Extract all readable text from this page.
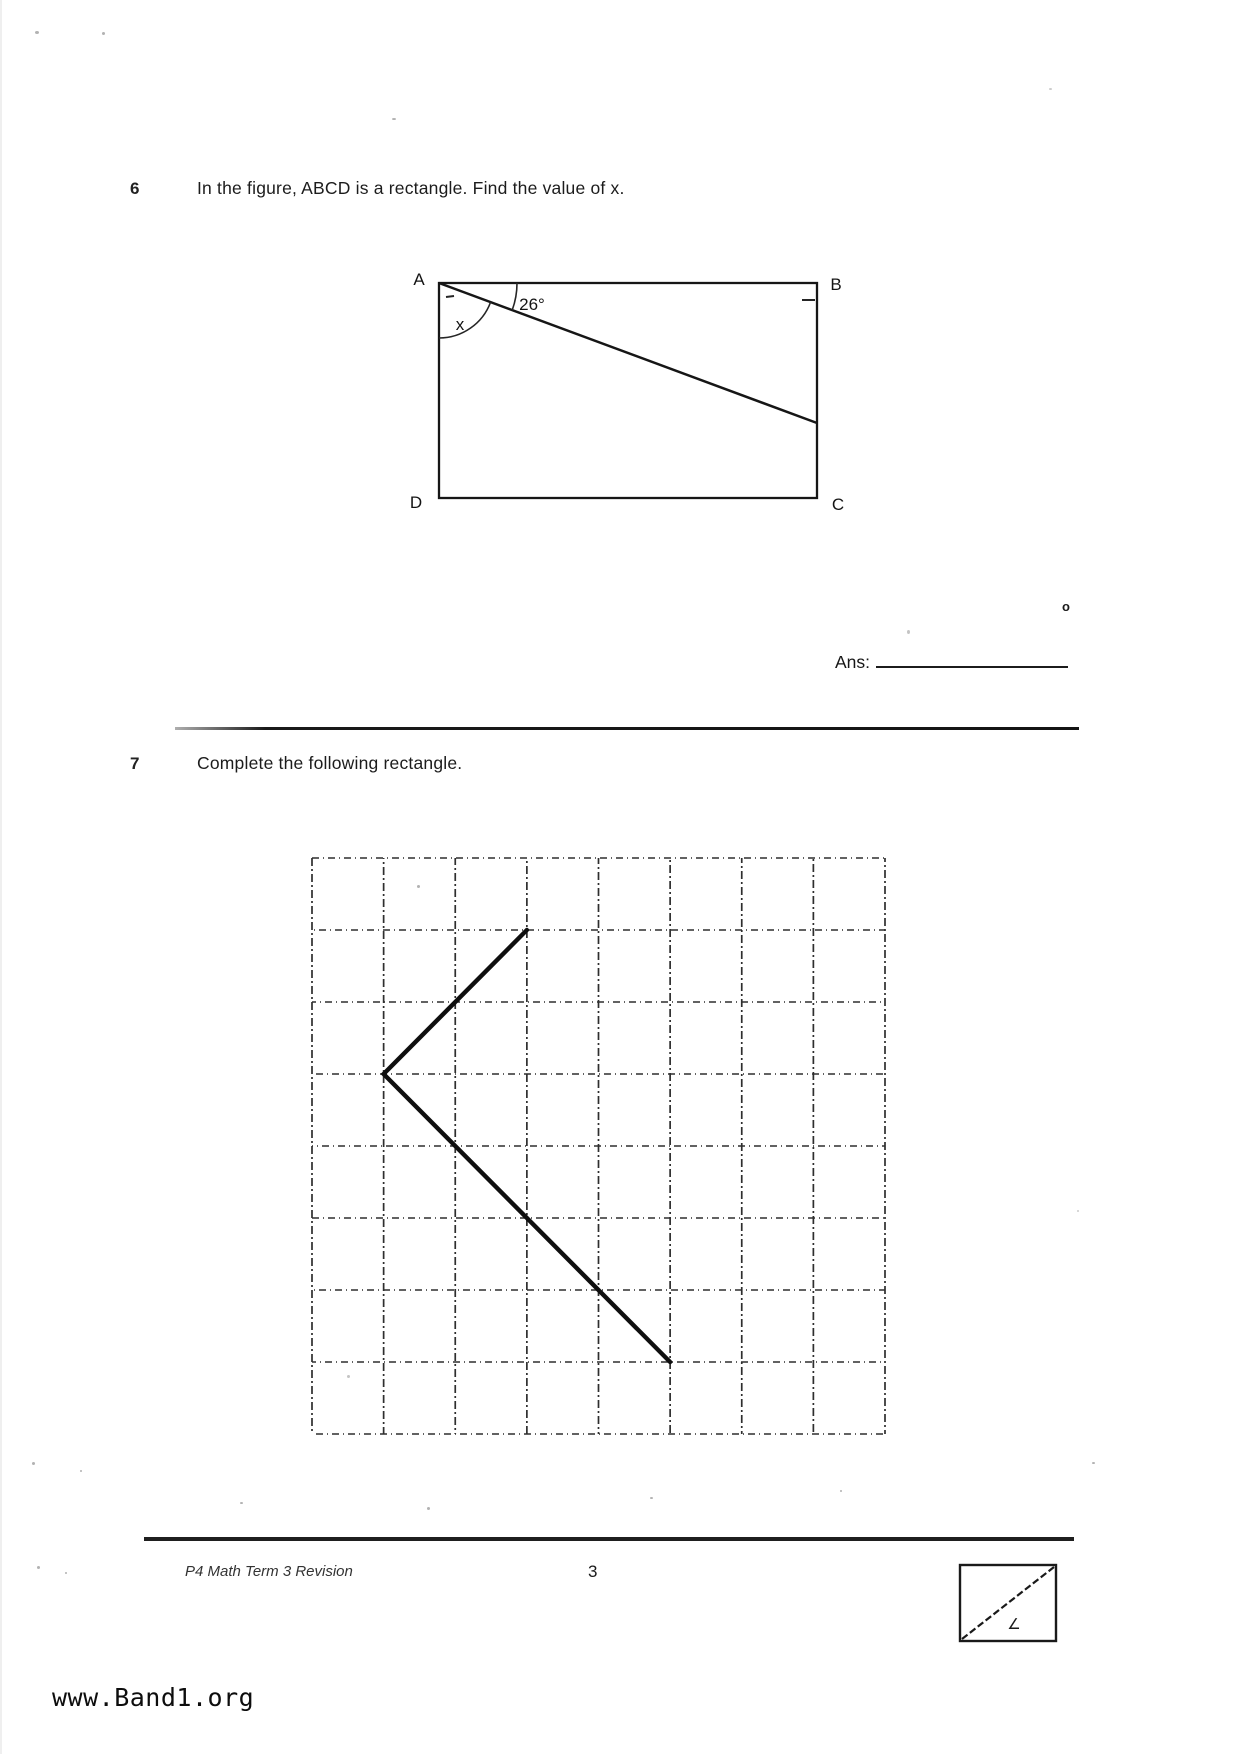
6	In the figure, ABCD is a rectangle. Find the value of x.
A	B
C
D
26°
x
o
Ans:
7	Complete the following rectangle.
P4 Math Term 3 Revision	3
∠
www.Band1.org
